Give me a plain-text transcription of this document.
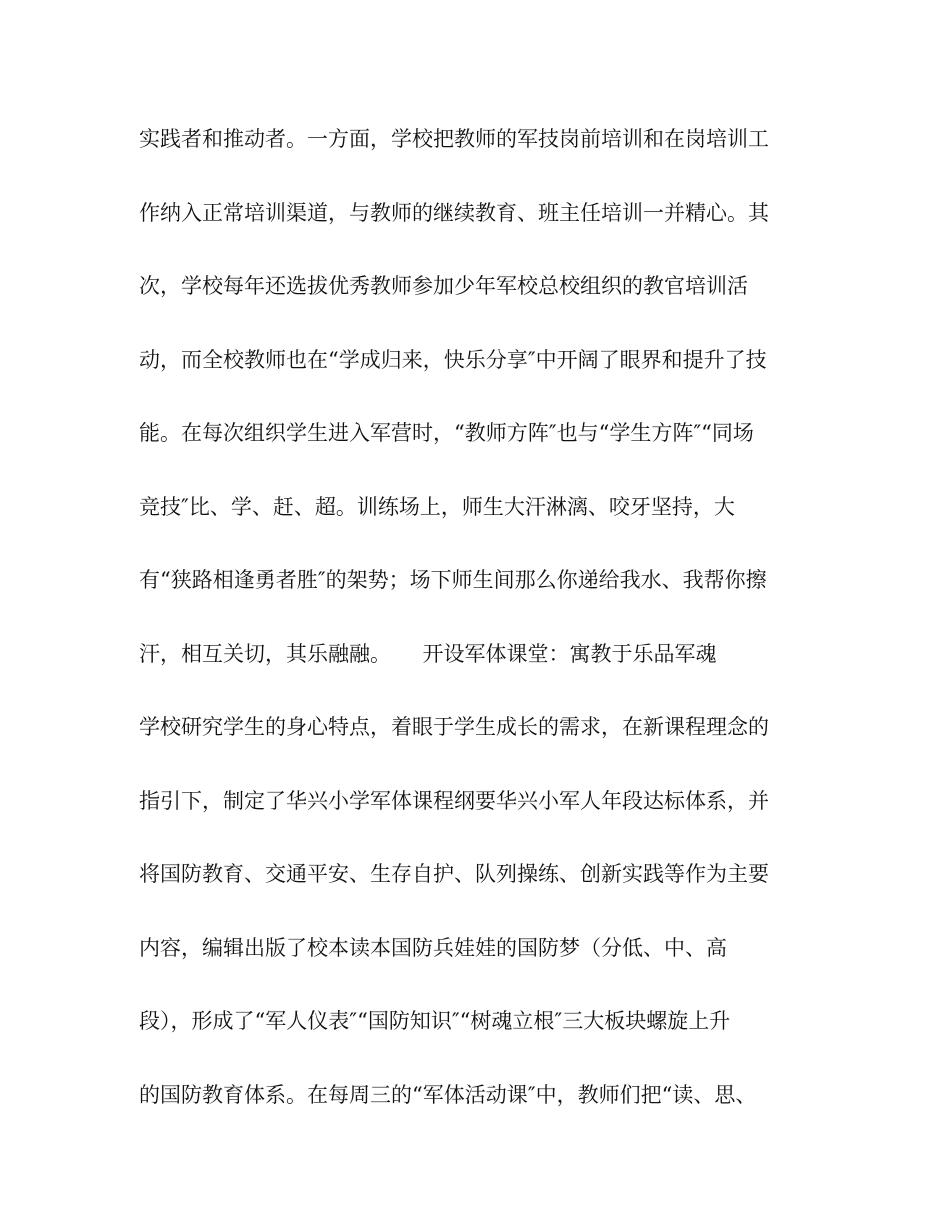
实践者和推动者。一方面，学校把教师的军技岗前培训和在岗培训工
作纳入正常培训渠道，与教师的继续教育、班主任培训一并精心。其
次，学校每年还选拔优秀教师参加少年军校总校组织的教官培训活
动，而全校教师也在“学成归来，快乐分享″中开阔了眼界和提升了技
能。在每次组织学生进入军营时，“教师方阵″也与“学生方阵″“同场
竞技″比、学、赶、超。训练场上，师生大汗淋漓、咬牙坚持，大
有“狭路相逢勇者胜″的架势；场下师生间那么你递给我水、我帮你擦
汗，相互关切，其乐融融。　　开设军体课堂：寓教于乐品军魂
学校研究学生的身心特点，着眼于学生成长的需求，在新课程理念的
指引下，制定了华兴小学军体课程纲要华兴小军人年段达标体系，并
将国防教育、交通平安、生存自护、队列操练、创新实践等作为主要
内容，编辑出版了校本读本国防兵娃娃的国防梦（分低、中、高
段），形成了“军人仪表″“国防知识″“树魂立根″三大板块螺旋上升
的国防教育体系。在每周三的“军体活动课″中，教师们把“读、思、
